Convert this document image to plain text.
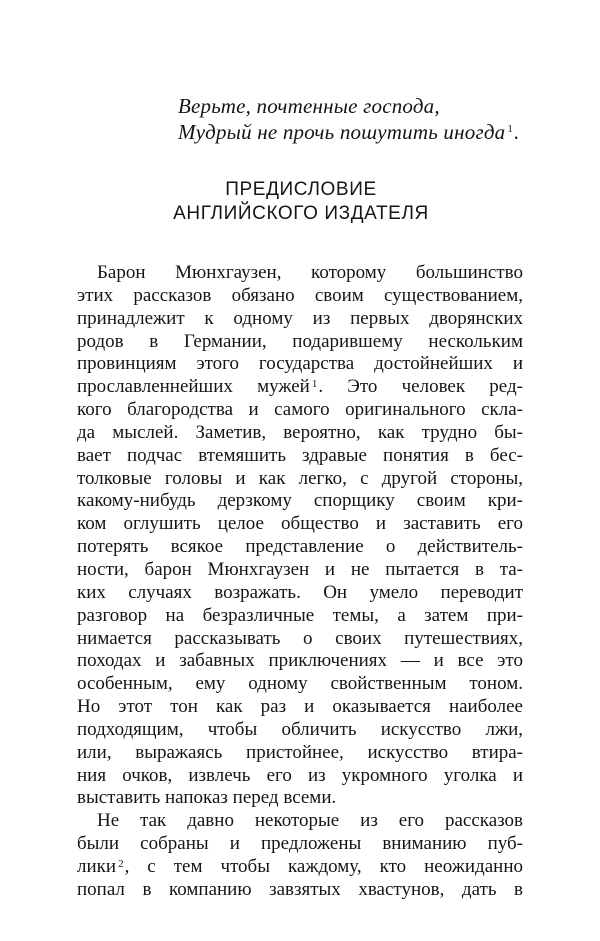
Верьте, почтенные господа,
Мудрый не прочь пошутить иногда $^1$.
ПРЕДИСЛОВИЕ
АНГЛИЙСКОГО ИЗДАТЕЛЯ
Барон Мюнхгаузен, которому большинство
этих рассказов обязано своим существованием,
принадлежит к одному из первых дворянских
родов в Германии, подарившему нескольким
провинциям этого государства достойнейших и
прославленнейших мужей $^1$. Это человек ред-
кого благородства и самого оригинального скла-
да мыслей. Заметив, вероятно, как трудно бы-
вает подчас втемяшить здравые понятия в бес-
толковые головы и как легко, с другой стороны,
какому-нибудь дерзкому спорщику своим кри-
ком оглушить целое общество и заставить его
потерять всякое представление о действитель-
ности, барон Мюнхгаузен и не пытается в та-
ких случаях возражать. Он умело переводит
разговор на безразличные темы, а затем при-
нимается рассказывать о своих путешествиях,
походах и забавных приключениях — и все это
особенным, ему одному свойственным тоном.
Но этот тон как раз и оказывается наиболее
подходящим, чтобы обличить искусство лжи,
или, выражаясь пристойнее, искусство втира-
ния очков, извлечь его из укромного уголка и
выставить напоказ перед всеми.
Не так давно некоторые из его рассказов
были собраны и предложены вниманию пуб-
лики $^2$, с тем чтобы каждому, кто неожиданно
попал в компанию завзятых хвастунов, дать в
